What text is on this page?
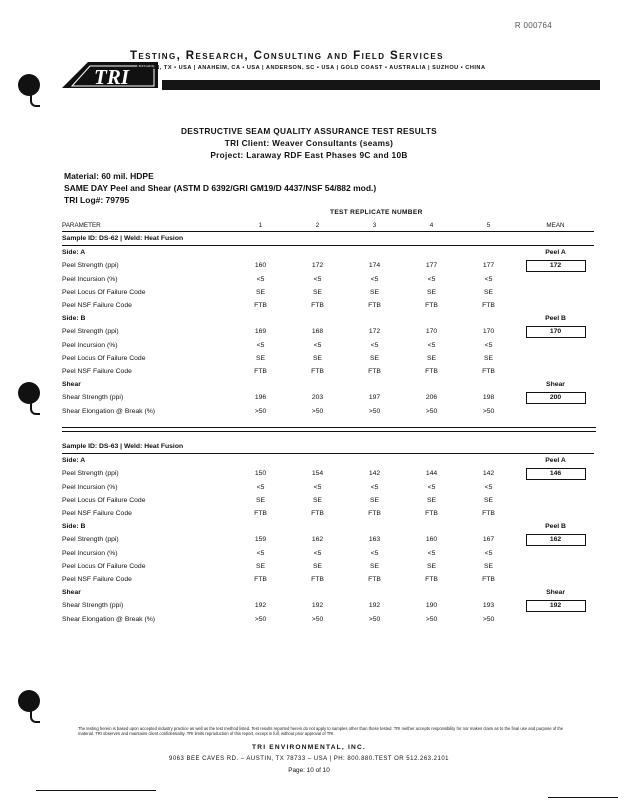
R 000764
TRI
Testing, Research, Consulting and Field Services
AUSTIN, TX • USA | ANAHEIM, CA • USA | ANDERSON, SC • USA | GOLD COAST • AUSTRALIA | SUZHOU • CHINA
DESTRUCTIVE SEAM QUALITY ASSURANCE TEST RESULTS
TRI Client: Weaver Consultants (seams)
Project: Laraway RDF East Phases 9C and 10B
Material: 60 mil. HDPE
SAME DAY Peel and Shear (ASTM D 6392/GRI GM19/D 4437/NSF 54/882 mod.)
TRI Log#: 79795
TEST REPLICATE NUMBER
PARAMETER	1	2	3	4	5	MEAN
Sample ID: DS-62 | Weld: Heat Fusion						
Side: A						Peel A
Peel Strength (ppi)	160	172	174	177	177	172

Peel Incursion (%)	<5	<5	<5	<5	<5	
Peel Locus Of Failure Code	SE	SE	SE	SE	SE	
Peel NSF Failure Code	FTB	FTB	FTB	FTB	FTB	
Side: B						Peel B
Peel Strength (ppi)	169	168	172	170	170	170

Peel Incursion (%)	<5	<5	<5	<5	<5	
Peel Locus Of Failure Code	SE	SE	SE	SE	SE	
Peel NSF Failure Code	FTB	FTB	FTB	FTB	FTB	
Shear						Shear
Shear Strength (ppi)	196	203	197	206	198	200

Shear Elongation @ Break (%)	>50	>50	>50	>50	>50	
Sample ID: DS-63 | Weld: Heat Fusion						
Side: A						Peel A
Peel Strength (ppi)	150	154	142	144	142	146

Peel Incursion (%)	<5	<5	<5	<5	<5	
Peel Locus Of Failure Code	SE	SE	SE	SE	SE	
Peel NSF Failure Code	FTB	FTB	FTB	FTB	FTB	
Side: B						Peel B
Peel Strength (ppi)	159	162	163	160	167	162

Peel Incursion (%)	<5	<5	<5	<5	<5	
Peel Locus Of Failure Code	SE	SE	SE	SE	SE	
Peel NSF Failure Code	FTB	FTB	FTB	FTB	FTB	
Shear						Shear
Shear Strength (ppi)	192	192	192	190	193	192

Shear Elongation @ Break (%)	>50	>50	>50	>50	>50	
The testing herein is based upon accepted industry practice as well as the test method listed. Test results reported herein do not apply to samples other than those tested. TRI neither accepts responsibility for nor makes claim as to the final use and purpose of the material. TRI observes and maintains client confidentiality. TRI limits reproduction of this report, except in full, without prior approval of TRI.
TRI ENVIRONMENTAL, INC.
9063 BEE CAVES RD. – AUSTIN, TX 78733 – USA | PH: 800.880.TEST OR 512.263.2101
Page: 10 of 10
